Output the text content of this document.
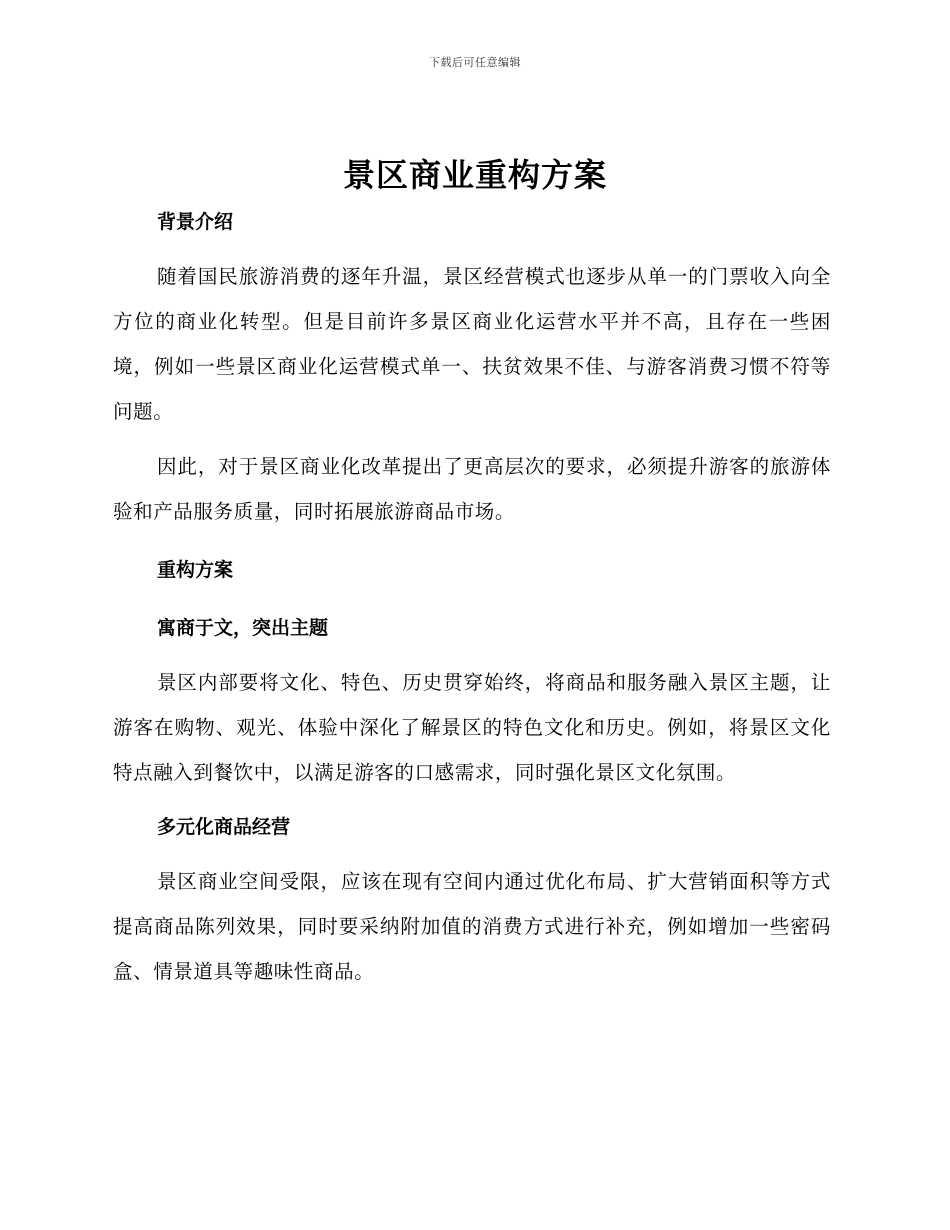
下载后可任意编辑
景区商业重构方案
背景介绍

随着国民旅游消费的逐年升温，景区经营模式也逐步从单一的门票收入向全方位的商业化转型。但是目前许多景区商业化运营水平并不高，且存在一些困境，例如一些景区商业化运营模式单一、扶贫效果不佳、与游客消费习惯不符等问题。

因此，对于景区商业化改革提出了更高层次的要求，必须提升游客的旅游体验和产品服务质量，同时拓展旅游商品市场。

重构方案
寓商于文，突出主题

景区内部要将文化、特色、历史贯穿始终，将商品和服务融入景区主题，让游客在购物、观光、体验中深化了解景区的特色文化和历史。例如，将景区文化特点融入到餐饮中，以满足游客的口感需求，同时强化景区文化氛围。

多元化商品经营

景区商业空间受限，应该在现有空间内通过优化布局、扩大营销面积等方式提高商品陈列效果，同时要采纳附加值的消费方式进行补充，例如增加一些密码盒、情景道具等趣味性商品。
